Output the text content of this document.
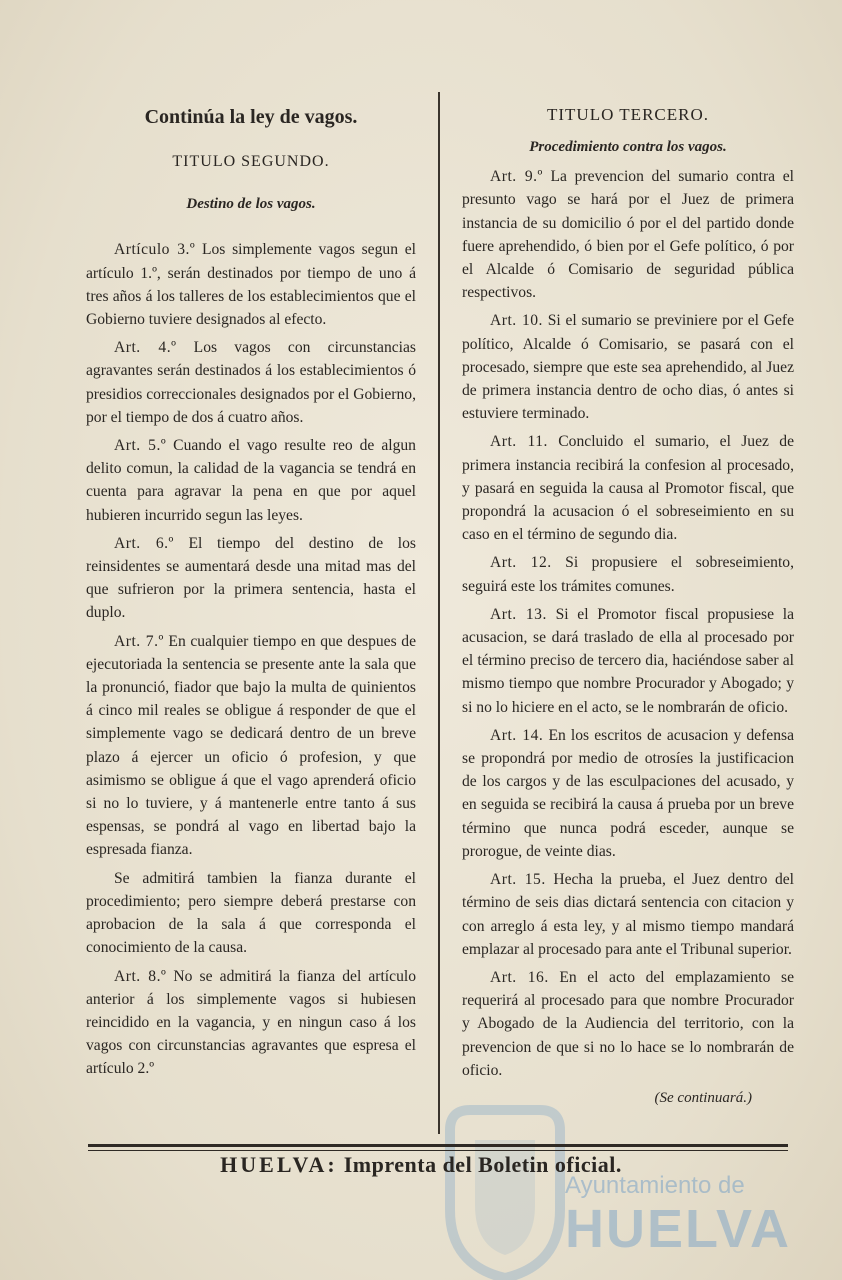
Ayuntamiento de
HUELVA
Continúa la ley de vagos.
TITULO SEGUNDO.
Destino de los vagos.

Artículo 3.º Los simplemente vagos segun el artículo 1.º, serán destinados por tiempo de uno á tres años á los talleres de los establecimientos que el Gobierno tuviere designados al efecto.

Art. 4.º Los vagos con circunstancias agravantes serán destinados á los establecimientos ó presidios correccionales designados por el Gobierno, por el tiempo de dos á cuatro años.

Art. 5.º Cuando el vago resulte reo de algun delito comun, la calidad de la vagancia se tendrá en cuenta para agravar la pena en que por aquel hubieren incurrido segun las leyes.

Art. 6.º El tiempo del destino de los reinsidentes se aumentará desde una mitad mas del que sufrieron por la primera sentencia, hasta el duplo.

Art. 7.º En cualquier tiempo en que despues de ejecutoriada la sentencia se presente ante la sala que la pronunció, fiador que bajo la multa de quinientos á cinco mil reales se obligue á responder de que el simplemente vago se dedicará dentro de un breve plazo á ejercer un oficio ó profesion, y que asimismo se obligue á que el vago aprenderá oficio si no lo tuviere, y á mantenerle entre tanto á sus espensas, se pondrá al vago en libertad bajo la espresada fianza.

Se admitirá tambien la fianza durante el procedimiento; pero siempre deberá prestarse con aprobacion de la sala á que corresponda el conocimiento de la causa.

Art. 8.º No se admitirá la fianza del artículo anterior á los simplemente vagos si hubiesen reincidido en la vagancia, y en ningun caso á los vagos con circunstancias agravantes que espresa el artículo 2.º

TITULO TERCERO.
Procedimiento contra los vagos.

Art. 9.º La prevencion del sumario contra el presunto vago se hará por el Juez de primera instancia de su domicilio ó por el del partido donde fuere aprehendido, ó bien por el Gefe político, ó por el Alcalde ó Comisario de seguridad pública respectivos.

Art. 10. Si el sumario se previniere por el Gefe político, Alcalde ó Comisario, se pasará con el procesado, siempre que este sea aprehendido, al Juez de primera instancia dentro de ocho dias, ó antes si estuviere terminado.

Art. 11. Concluido el sumario, el Juez de primera instancia recibirá la confesion al procesado, y pasará en seguida la causa al Promotor fiscal, que propondrá la acusacion ó el sobreseimiento en su caso en el término de segundo dia.

Art. 12. Si propusiere el sobreseimiento, seguirá este los trámites comunes.

Art. 13. Si el Promotor fiscal propusiese la acusacion, se dará traslado de ella al procesado por el término preciso de tercero dia, haciéndose saber al mismo tiempo que nombre Procurador y Abogado; y si no lo hiciere en el acto, se le nombrarán de oficio.

Art. 14. En los escritos de acusacion y defensa se propondrá por medio de otrosíes la justificacion de los cargos y de las esculpaciones del acusado, y en seguida se recibirá la causa á prueba por un breve término que nunca podrá esceder, aunque se prorogue, de veinte dias.

Art. 15. Hecha la prueba, el Juez dentro del término de seis dias dictará sentencia con citacion y con arreglo á esta ley, y al mismo tiempo mandará emplazar al procesado para ante el Tribunal superior.

Art. 16. En el acto del emplazamiento se requerirá al procesado para que nombre Procurador y Abogado de la Audiencia del territorio, con la prevencion de que si no lo hace se lo nombrarán de oficio.

(Se continuará.)
HUELVA: Imprenta del Boletin oficial.
